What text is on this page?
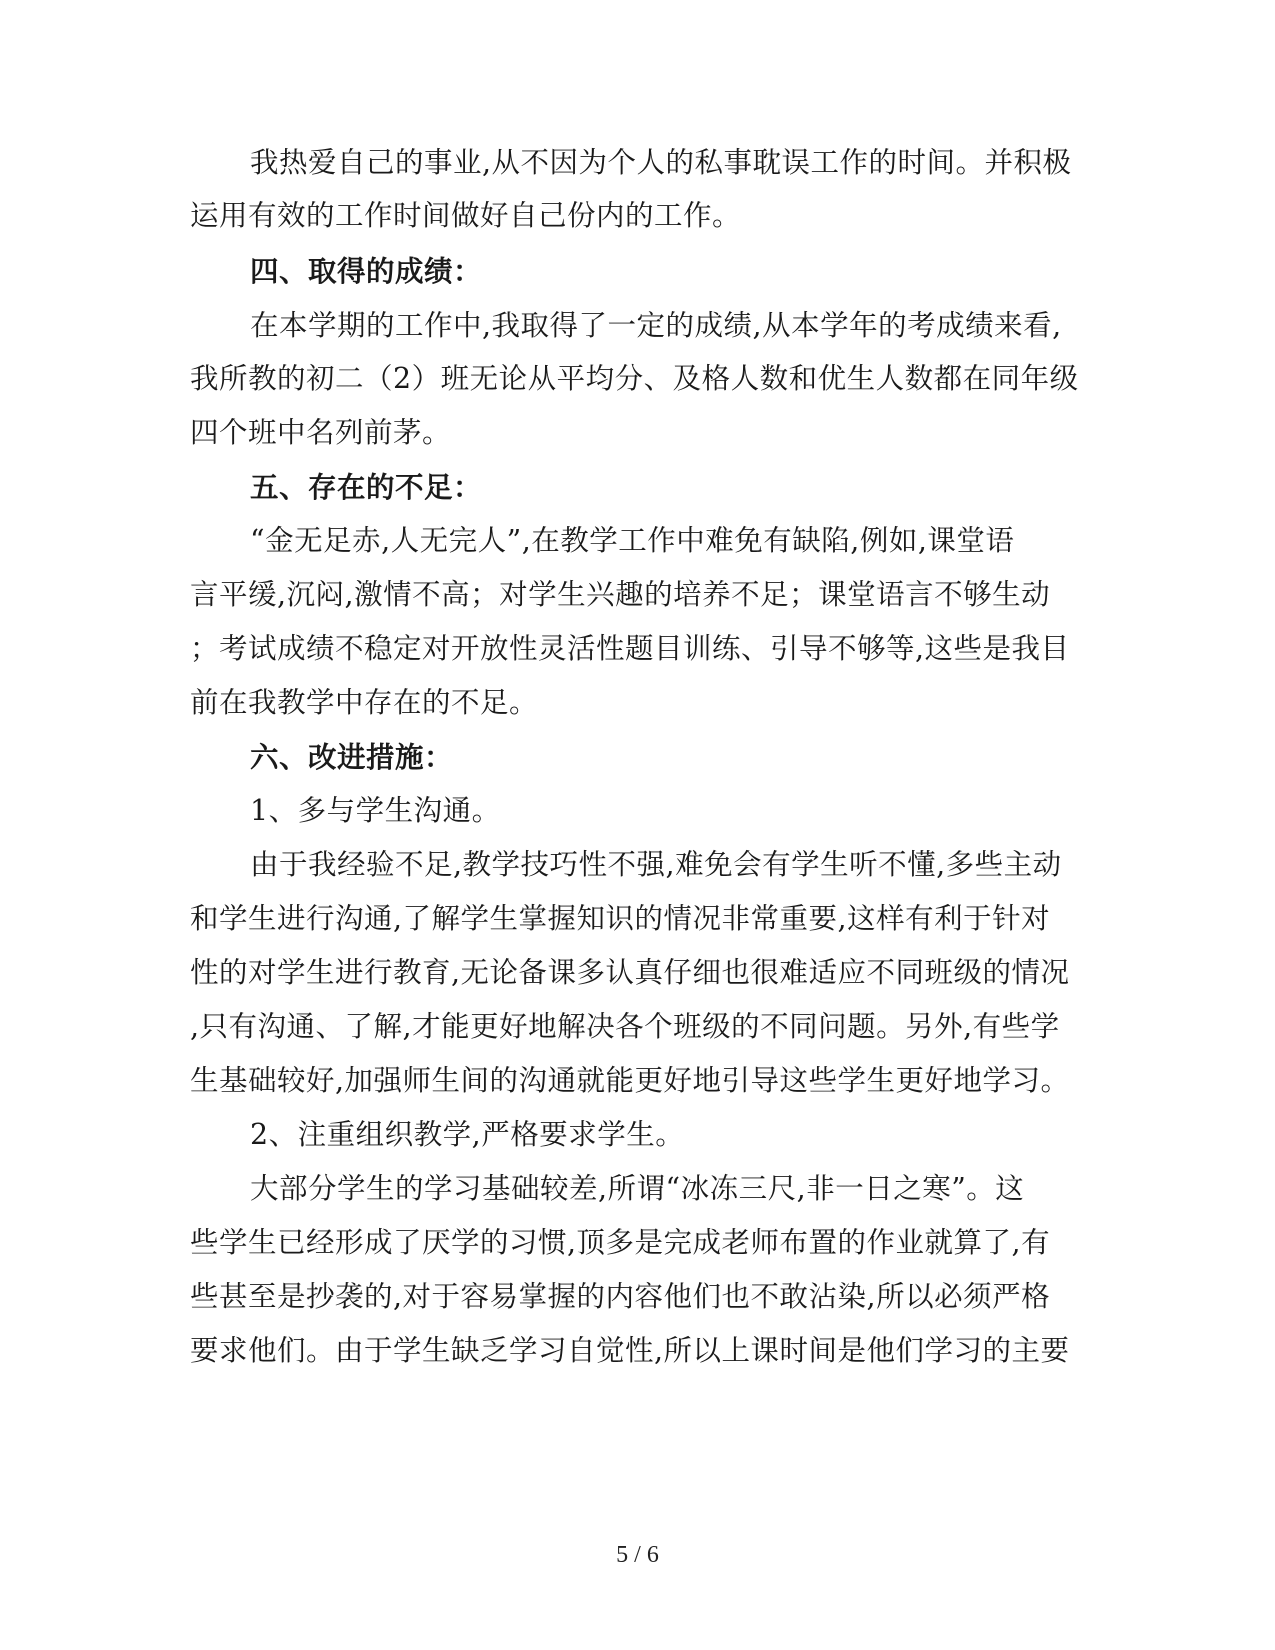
我热爱自己的事业,从不因为个人的私事耽误工作的时间。并积极
运用有效的工作时间做好自己份内的工作。
四、取得的成绩：
在本学期的工作中,我取得了一定的成绩,从本学年的考成绩来看,
我所教的初二（2）班无论从平均分、及格人数和优生人数都在同年级
四个班中名列前茅。
五、存在的不足：
“金无足赤,人无完人”,在教学工作中难免有缺陷,例如,课堂语
言平缓,沉闷,激情不高；对学生兴趣的培养不足；课堂语言不够生动
；考试成绩不稳定对开放性灵活性题目训练、引导不够等,这些是我目
前在我教学中存在的不足。
六、改进措施：
1、多与学生沟通。
由于我经验不足,教学技巧性不强,难免会有学生听不懂,多些主动
和学生进行沟通,了解学生掌握知识的情况非常重要,这样有利于针对
性的对学生进行教育,无论备课多认真仔细也很难适应不同班级的情况
,只有沟通、了解,才能更好地解决各个班级的不同问题。另外,有些学
生基础较好,加强师生间的沟通就能更好地引导这些学生更好地学习。
2、注重组织教学,严格要求学生。
大部分学生的学习基础较差,所谓“冰冻三尺,非一日之寒”。这
些学生已经形成了厌学的习惯,顶多是完成老师布置的作业就算了,有
些甚至是抄袭的,对于容易掌握的内容他们也不敢沾染,所以必须严格
要求他们。由于学生缺乏学习自觉性,所以上课时间是他们学习的主要
5 / 6
